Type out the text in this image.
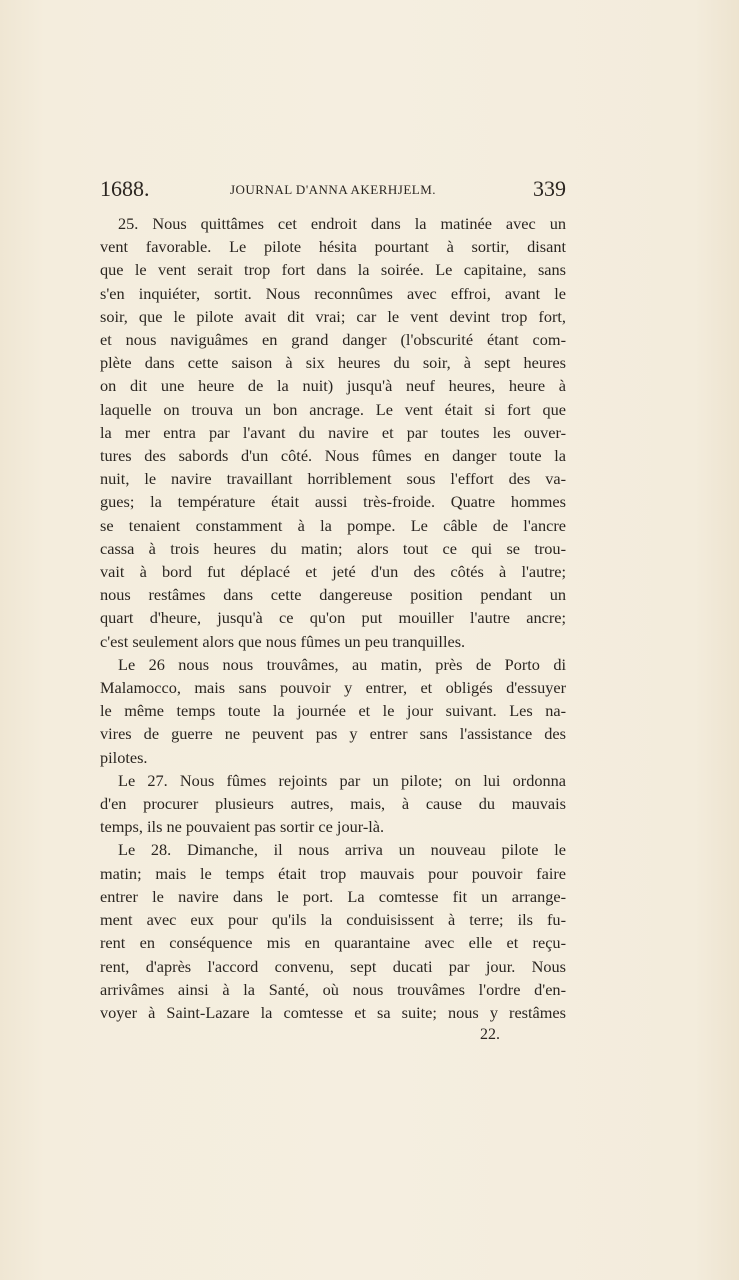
1688.	JOURNAL D'ANNA AKERHJELM.	339
25. Nous quittâmes cet endroit dans la matinée avec un
vent favorable. Le pilote hésita pourtant à sortir, disant
que le vent serait trop fort dans la soirée. Le capitaine, sans
s'en inquiéter, sortit. Nous reconnûmes avec effroi, avant le
soir, que le pilote avait dit vrai; car le vent devint trop fort,
et nous naviguâmes en grand danger (l'obscurité étant com-
plète dans cette saison à six heures du soir, à sept heures
on dit une heure de la nuit) jusqu'à neuf heures, heure à
laquelle on trouva un bon ancrage. Le vent était si fort que
la mer entra par l'avant du navire et par toutes les ouver-
tures des sabords d'un côté. Nous fûmes en danger toute la
nuit, le navire travaillant horriblement sous l'effort des va-
gues; la température était aussi très-froide. Quatre hommes
se tenaient constamment à la pompe. Le câble de l'ancre
cassa à trois heures du matin; alors tout ce qui se trou-
vait à bord fut déplacé et jeté d'un des côtés à l'autre;
nous restâmes dans cette dangereuse position pendant un
quart d'heure, jusqu'à ce qu'on put mouiller l'autre ancre;
c'est seulement alors que nous fûmes un peu tranquilles.
Le 26 nous nous trouvâmes, au matin, près de Porto di
Malamocco, mais sans pouvoir y entrer, et obligés d'essuyer
le même temps toute la journée et le jour suivant. Les na-
vires de guerre ne peuvent pas y entrer sans l'assistance des
pilotes.
Le 27. Nous fûmes rejoints par un pilote; on lui ordonna
d'en procurer plusieurs autres, mais, à cause du mauvais
temps, ils ne pouvaient pas sortir ce jour-là.
Le 28. Dimanche, il nous arriva un nouveau pilote le
matin; mais le temps était trop mauvais pour pouvoir faire
entrer le navire dans le port. La comtesse fit un arrange-
ment avec eux pour qu'ils la conduisissent à terre; ils fu-
rent en conséquence mis en quarantaine avec elle et reçu-
rent, d'après l'accord convenu, sept ducati par jour. Nous
arrivâmes ainsi à la Santé, où nous trouvâmes l'ordre d'en-
voyer à Saint-Lazare la comtesse et sa suite; nous y restâmes
22.
